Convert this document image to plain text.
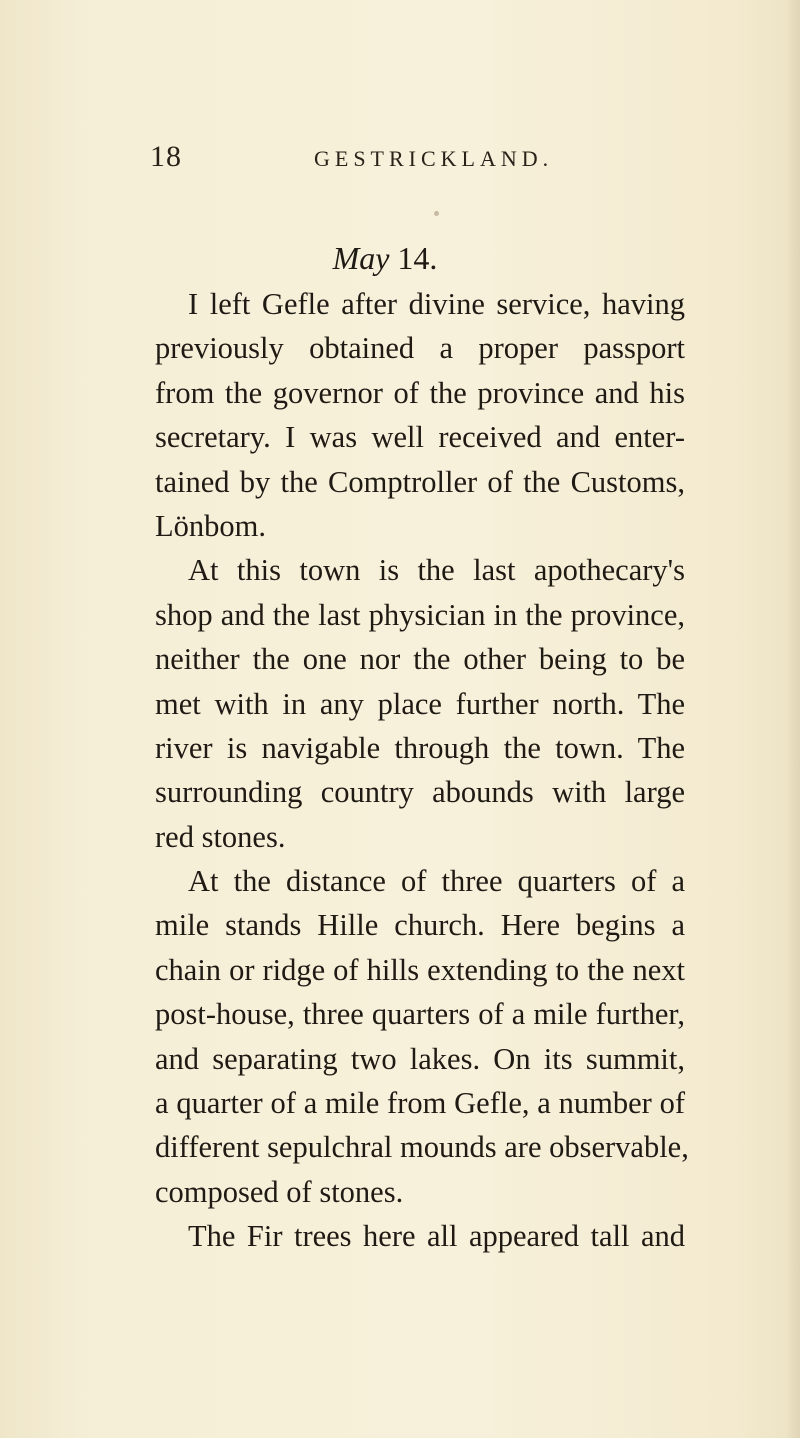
18	GESTRICKLAND.
May 14.
I left Gefle after divine service, having
previously obtained a proper passport
from the governor of the province and his
secretary. I was well received and enter-
tained by the Comptroller of the Customs,
Lönbom.
At this town is the last apothecary's
shop and the last physician in the province,
neither the one nor the other being to be
met with in any place further north. The
river is navigable through the town. The
surrounding country abounds with large
red stones.
At the distance of three quarters of a
mile stands Hille church. Here begins a
chain or ridge of hills extending to the next
post-house, three quarters of a mile further,
and separating two lakes. On its summit,
a quarter of a mile from Gefle, a number of
different sepulchral mounds are observable,
composed of stones.
The Fir trees here all appeared tall and
